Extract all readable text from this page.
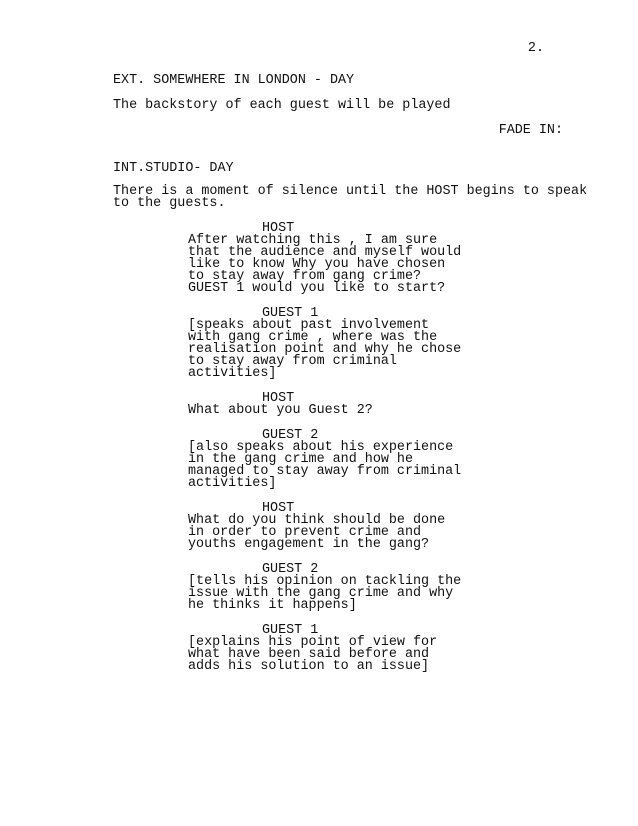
2.
EXT. SOMEWHERE IN LONDON - DAY
The backstory of each guest will be played
FADE IN:
INT.STUDIO- DAY
There is a moment of silence until the HOST begins to speak
to the guests.
HOST
After watching this , I am sure
that the audience and myself would
like to know Why you have chosen
to stay away from gang crime?
GUEST 1 would you like to start?
GUEST 1
[speaks about past involvement
with gang crime , where was the
realisation point and why he chose
to stay away from criminal
activities]
HOST
What about you Guest 2?
GUEST 2
[also speaks about his experience
in the gang crime and how he
managed to stay away from criminal
activities]
HOST
What do you think should be done
in order to prevent crime and
youths engagement in the gang?
GUEST 2
[tells his opinion on tackling the
issue with the gang crime and why
he thinks it happens]
GUEST 1
[explains his point of view for
what have been said before and
adds his solution to an issue]
